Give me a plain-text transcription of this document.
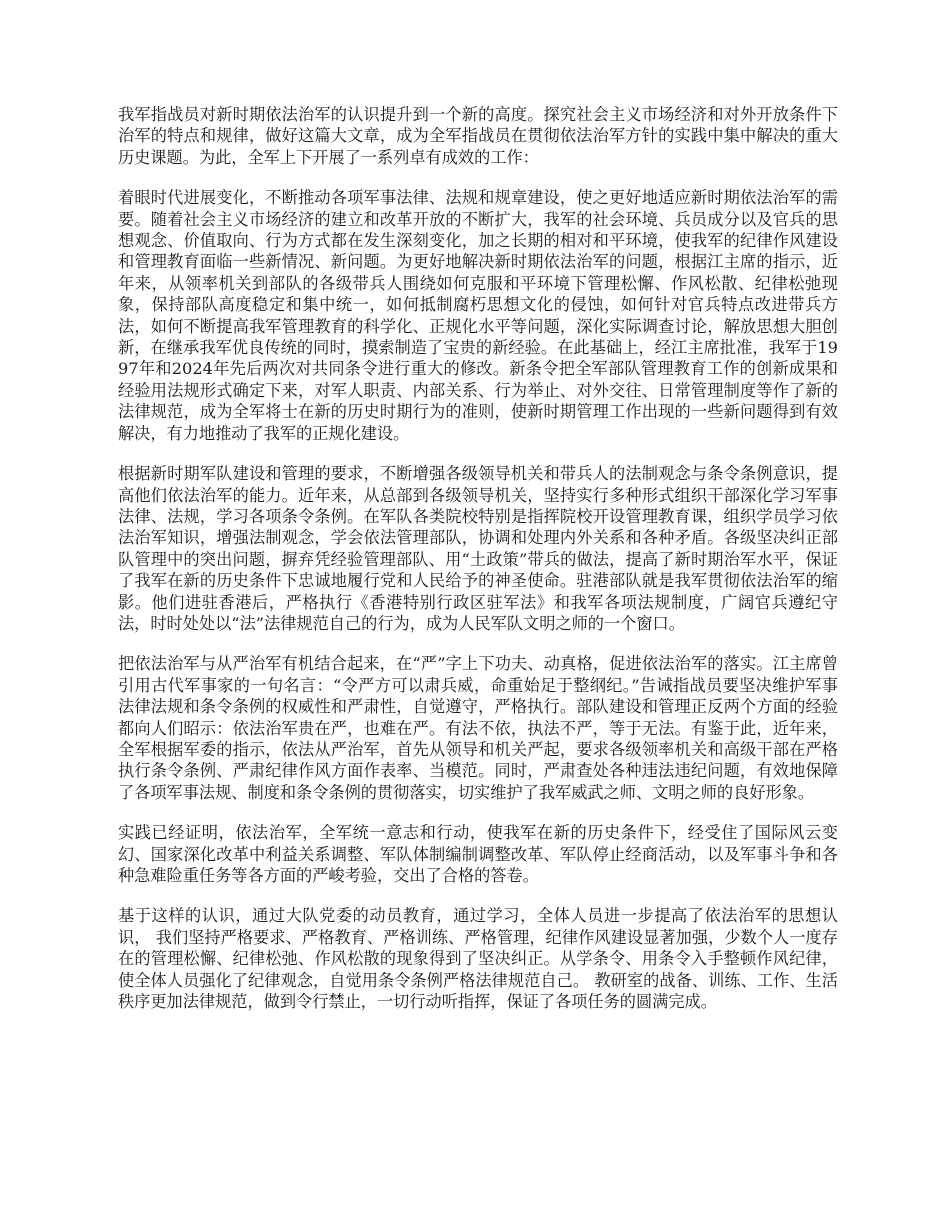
我军指战员对新时期依法治军的认识提升到一个新的高度。探究社会主义市场经济和对外开放条件下治军的特点和规律，做好这篇大文章，成为全军指战员在贯彻依法治军方针的实践中集中解决的重大历史课题。为此，全军上下开展了一系列卓有成效的工作：

着眼时代进展变化，不断推动各项军事法律、法规和规章建设，使之更好地适应新时期依法治军的需要。随着社会主义市场经济的建立和改革开放的不断扩大，我军的社会环境、兵员成分以及官兵的思想观念、价值取向、行为方式都在发生深刻变化，加之长期的相对和平环境，使我军的纪律作风建设和管理教育面临一些新情况、新问题。为更好地解决新时期依法治军的问题，根据江主席的指示，近年来，从领率机关到部队的各级带兵人围绕如何克服和平环境下管理松懈、作风松散、纪律松弛现象，保持部队高度稳定和集中统一，如何抵制腐朽思想文化的侵蚀，如何针对官兵特点改进带兵方法，如何不断提高我军管理教育的科学化、正规化水平等问题，深化实际调查讨论，解放思想大胆创新，在继承我军优良传统的同时，摸索制造了宝贵的新经验。在此基础上，经江主席批准，我军于1997年和2024年先后两次对共同条令进行重大的修改。新条令把全军部队管理教育工作的创新成果和经验用法规形式确定下来，对军人职责、内部关系、行为举止、对外交往、日常管理制度等作了新的法律规范，成为全军将士在新的历史时期行为的准则，使新时期管理工作出现的一些新问题得到有效解决，有力地推动了我军的正规化建设。

根据新时期军队建设和管理的要求，不断增强各级领导机关和带兵人的法制观念与条令条例意识，提高他们依法治军的能力。近年来，从总部到各级领导机关，坚持实行多种形式组织干部深化学习军事法律、法规，学习各项条令条例。在军队各类院校特别是指挥院校开设管理教育课，组织学员学习依法治军知识，增强法制观念，学会依法管理部队，协调和处理内外关系和各种矛盾。各级坚决纠正部队管理中的突出问题，摒弃凭经验管理部队、用“土政策”带兵的做法，提高了新时期治军水平，保证了我军在新的历史条件下忠诚地履行党和人民给予的神圣使命。驻港部队就是我军贯彻依法治军的缩影。他们进驻香港后，严格执行《香港特别行政区驻军法》和我军各项法规制度，广阔官兵遵纪守法，时时处处以“法”法律规范自己的行为，成为人民军队文明之师的一个窗口。

把依法治军与从严治军有机结合起来，在“严”字上下功夫、动真格，促进依法治军的落实。江主席曾引用古代军事家的一句名言：“令严方可以肃兵威，命重始足于整纲纪。”告诫指战员要坚决维护军事法律法规和条令条例的权威性和严肃性，自觉遵守，严格执行。部队建设和管理正反两个方面的经验都向人们昭示：依法治军贵在严，也难在严。有法不依，执法不严，等于无法。有鉴于此，近年来，全军根据军委的指示，依法从严治军，首先从领导和机关严起，要求各级领率机关和高级干部在严格执行条令条例、严肃纪律作风方面作表率、当模范。同时，严肃查处各种违法违纪问题，有效地保障了各项军事法规、制度和条令条例的贯彻落实，切实维护了我军威武之师、文明之师的良好形象。

实践已经证明，依法治军，全军统一意志和行动，使我军在新的历史条件下，经受住了国际风云变幻、国家深化改革中利益关系调整、军队体制编制调整改革、军队停止经商活动，以及军事斗争和各种急难险重任务等各方面的严峻考验，交出了合格的答卷。

基于这样的认识，通过大队党委的动员教育，通过学习，全体人员进一步提高了依法治军的思想认识， 我们坚持严格要求、严格教育、严格训练、严格管理，纪律作风建设显著加强，少数个人一度存在的管理松懈、纪律松弛、作风松散的现象得到了坚决纠正。从学条令、用条令入手整顿作风纪律，使全体人员强化了纪律观念，自觉用条令条例严格法律规范自己。 教研室的战备、训练、工作、生活秩序更加法律规范，做到令行禁止，一切行动听指挥，保证了各项任务的圆满完成。
